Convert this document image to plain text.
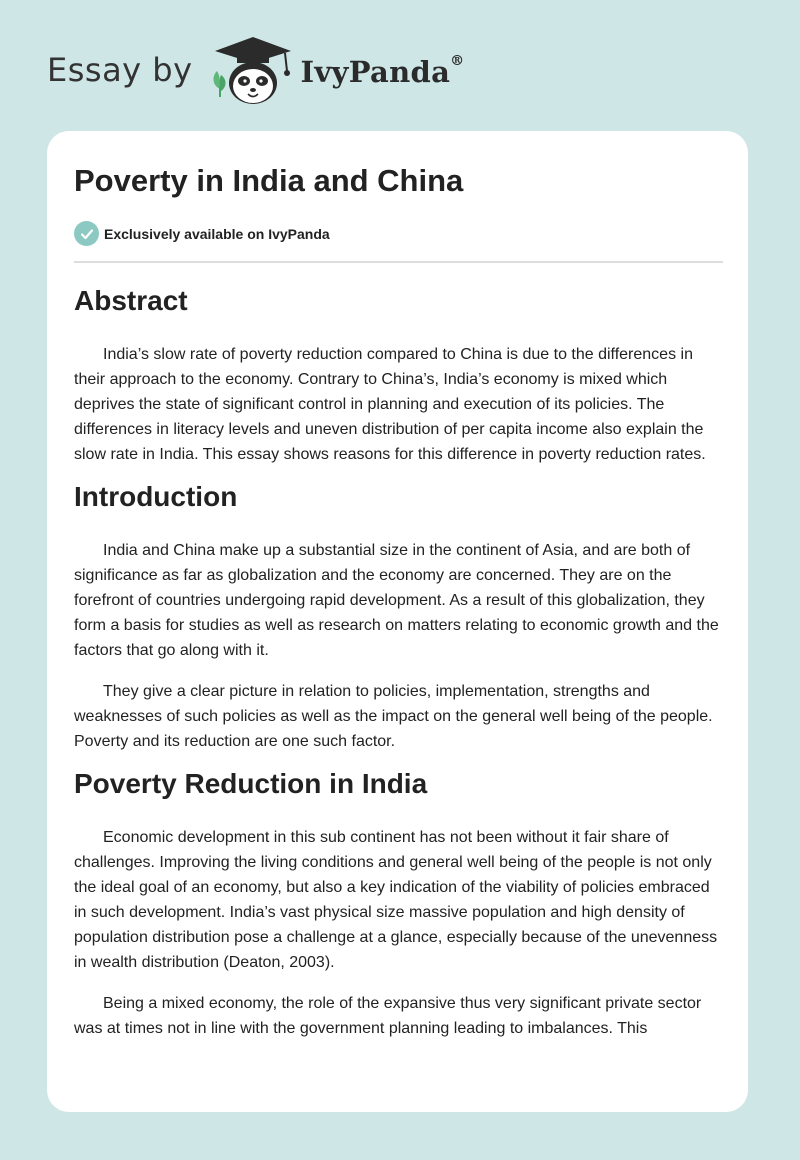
Essay by	IvyPanda®
Poverty in India and China
Exclusively available on IvyPanda
Abstract

India’s slow rate of poverty reduction compared to China is due to the differences in their approach to the economy. Contrary to China’s, India’s economy is mixed which deprives the state of significant control in planning and execution of its policies. The differences in literacy levels and uneven distribution of per capita income also explain the slow rate in India. This essay shows reasons for this difference in poverty reduction rates.

Introduction

India and China make up a substantial size in the continent of Asia, and are both of significance as far as globalization and the economy are concerned. They are on the forefront of countries undergoing rapid development. As a result of this globalization, they form a basis for studies as well as research on matters relating to economic growth and the factors that go along with it.

They give a clear picture in relation to policies, implementation, strengths and weaknesses of such policies as well as the impact on the general well being of the people. Poverty and its reduction are one such factor.

Poverty Reduction in India

Economic development in this sub continent has not been without it fair share of challenges. Improving the living conditions and general well being of the people is not only the ideal goal of an economy, but also a key indication of the viability of policies embraced in such development. India’s vast physical size massive population and high density of population distribution pose a challenge at a glance, especially because of the unevenness in wealth distribution (Deaton, 2003).

Being a mixed economy, the role of the expansive thus very significant private sector was at times not in line with the government planning leading to imbalances. This
